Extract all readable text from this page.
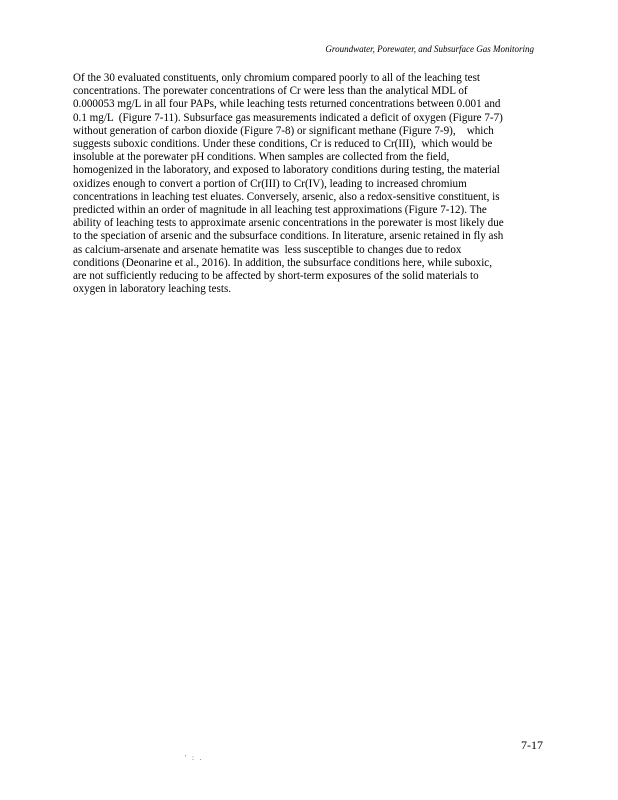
Groundwater, Porewater, and Subsurface Gas Monitoring
Of the 30 evaluated constituents, only chromium compared poorly to all of the leaching test
concentrations. The porewater concentrations of Cr were less than the analytical MDL of
0.000053 mg/L in all four PAPs, while leaching tests returned concentrations between 0.001 and
0.1 mg/L  (Figure 7-11). Subsurface gas measurements indicated a deficit of oxygen (Figure 7-7)
without generation of carbon dioxide (Figure 7-8) or significant methane (Figure 7-9),    which
suggests suboxic conditions. Under these conditions, Cr is reduced to Cr(III),  which would be
insoluble at the porewater pH conditions. When samples are collected from the field,
homogenized in the laboratory, and exposed to laboratory conditions during testing, the material
oxidizes enough to convert a portion of Cr(III) to Cr(IV), leading to increased chromium
concentrations in leaching test eluates. Conversely, arsenic, also a redox-sensitive constituent, is
predicted within an order of magnitude in all leaching test approximations (Figure 7-12). The
ability of leaching tests to approximate arsenic concentrations in the porewater is most likely due
to the speciation of arsenic and the subsurface conditions. In literature, arsenic retained in fly ash
as calcium-arsenate and arsenate hematite was  less susceptible to changes due to redox
conditions (Deonarine et al., 2016). In addition, the subsurface conditions here, while suboxic,
are not sufficiently reducing to be affected by short-term exposures of the solid materials to
oxygen in laboratory leaching tests.
7-17
' : .
